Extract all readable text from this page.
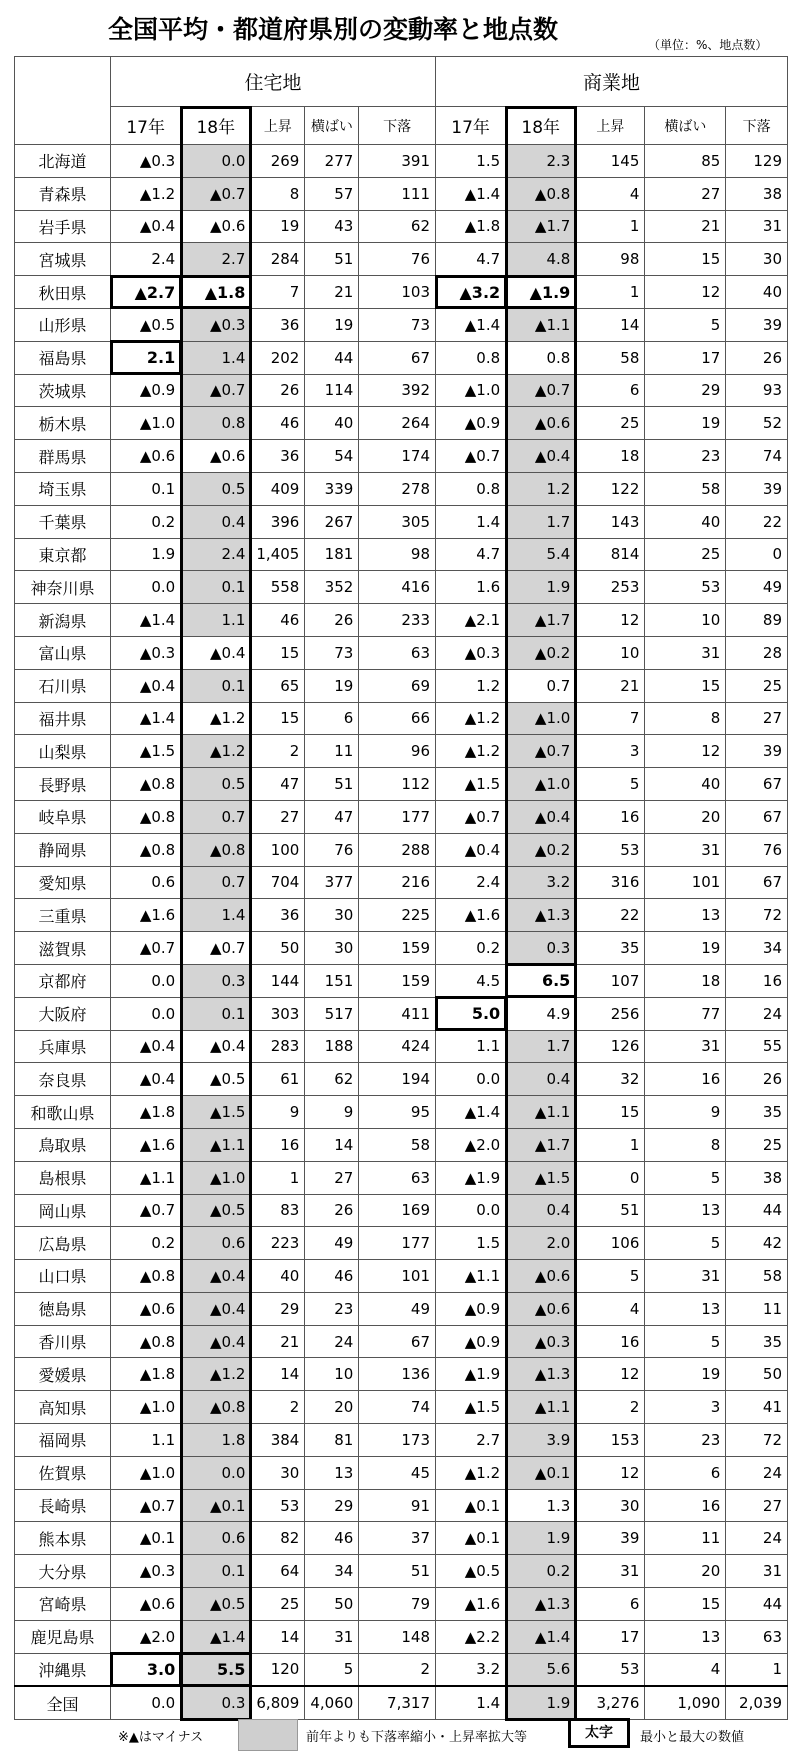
全国平均・都道府県別の変動率と地点数
（単位：%、地点数）
	住宅地					商業地				
	17年	18年	上昇	横ばい	下落	17年	18年	上昇	横ばい	下落
北海道	▲0.3	0.0	269	277	391	1.5	2.3	145	85	129
青森県	▲1.2	▲0.7	8	57	111	▲1.4	▲0.8	4	27	38
岩手県	▲0.4	▲0.6	19	43	62	▲1.8	▲1.7	1	21	31
宮城県	2.4	2.7	284	51	76	4.7	4.8	98	15	30
秋田県	▲2.7	▲1.8	7	21	103	▲3.2	▲1.9	1	12	40
山形県	▲0.5	▲0.3	36	19	73	▲1.4	▲1.1	14	5	39
福島県	2.1	1.4	202	44	67	0.8	0.8	58	17	26
茨城県	▲0.9	▲0.7	26	114	392	▲1.0	▲0.7	6	29	93
栃木県	▲1.0	0.8	46	40	264	▲0.9	▲0.6	25	19	52
群馬県	▲0.6	▲0.6	36	54	174	▲0.7	▲0.4	18	23	74
埼玉県	0.1	0.5	409	339	278	0.8	1.2	122	58	39
千葉県	0.2	0.4	396	267	305	1.4	1.7	143	40	22
東京都	1.9	2.4	1,405	181	98	4.7	5.4	814	25	0
神奈川県	0.0	0.1	558	352	416	1.6	1.9	253	53	49
新潟県	▲1.4	1.1	46	26	233	▲2.1	▲1.7	12	10	89
富山県	▲0.3	▲0.4	15	73	63	▲0.3	▲0.2	10	31	28
石川県	▲0.4	0.1	65	19	69	1.2	0.7	21	15	25
福井県	▲1.4	▲1.2	15	6	66	▲1.2	▲1.0	7	8	27
山梨県	▲1.5	▲1.2	2	11	96	▲1.2	▲0.7	3	12	39
長野県	▲0.8	0.5	47	51	112	▲1.5	▲1.0	5	40	67
岐阜県	▲0.8	0.7	27	47	177	▲0.7	▲0.4	16	20	67
静岡県	▲0.8	▲0.8	100	76	288	▲0.4	▲0.2	53	31	76
愛知県	0.6	0.7	704	377	216	2.4	3.2	316	101	67
三重県	▲1.6	1.4	36	30	225	▲1.6	▲1.3	22	13	72
滋賀県	▲0.7	▲0.7	50	30	159	0.2	0.3	35	19	34
京都府	0.0	0.3	144	151	159	4.5	6.5	107	18	16
大阪府	0.0	0.1	303	517	411	5.0	4.9	256	77	24
兵庫県	▲0.4	▲0.4	283	188	424	1.1	1.7	126	31	55
奈良県	▲0.4	▲0.5	61	62	194	0.0	0.4	32	16	26
和歌山県	▲1.8	▲1.5	9	9	95	▲1.4	▲1.1	15	9	35
鳥取県	▲1.6	▲1.1	16	14	58	▲2.0	▲1.7	1	8	25
島根県	▲1.1	▲1.0	1	27	63	▲1.9	▲1.5	0	5	38
岡山県	▲0.7	▲0.5	83	26	169	0.0	0.4	51	13	44
広島県	0.2	0.6	223	49	177	1.5	2.0	106	5	42
山口県	▲0.8	▲0.4	40	46	101	▲1.1	▲0.6	5	31	58
徳島県	▲0.6	▲0.4	29	23	49	▲0.9	▲0.6	4	13	11
香川県	▲0.8	▲0.4	21	24	67	▲0.9	▲0.3	16	5	35
愛媛県	▲1.8	▲1.2	14	10	136	▲1.9	▲1.3	12	19	50
高知県	▲1.0	▲0.8	2	20	74	▲1.5	▲1.1	2	3	41
福岡県	1.1	1.8	384	81	173	2.7	3.9	153	23	72
佐賀県	▲1.0	0.0	30	13	45	▲1.2	▲0.1	12	6	24
長崎県	▲0.7	▲0.1	53	29	91	▲0.1	1.3	30	16	27
熊本県	▲0.1	0.6	82	46	37	▲0.1	1.9	39	11	24
大分県	▲0.3	0.1	64	34	51	▲0.5	0.2	31	20	31
宮崎県	▲0.6	▲0.5	25	50	79	▲1.6	▲1.3	6	15	44
鹿児島県	▲2.0	▲1.4	14	31	148	▲2.2	▲1.4	17	13	63
沖縄県	3.0	5.5	120	5	2	3.2	5.6	53	4	1
全国	0.0	0.3	6,809	4,060	7,317	1.4	1.9	3,276	1,090	2,039
※▲はマイナス	前年よりも下落率縮小・上昇率拡大等	太字	最小と最大の数値
